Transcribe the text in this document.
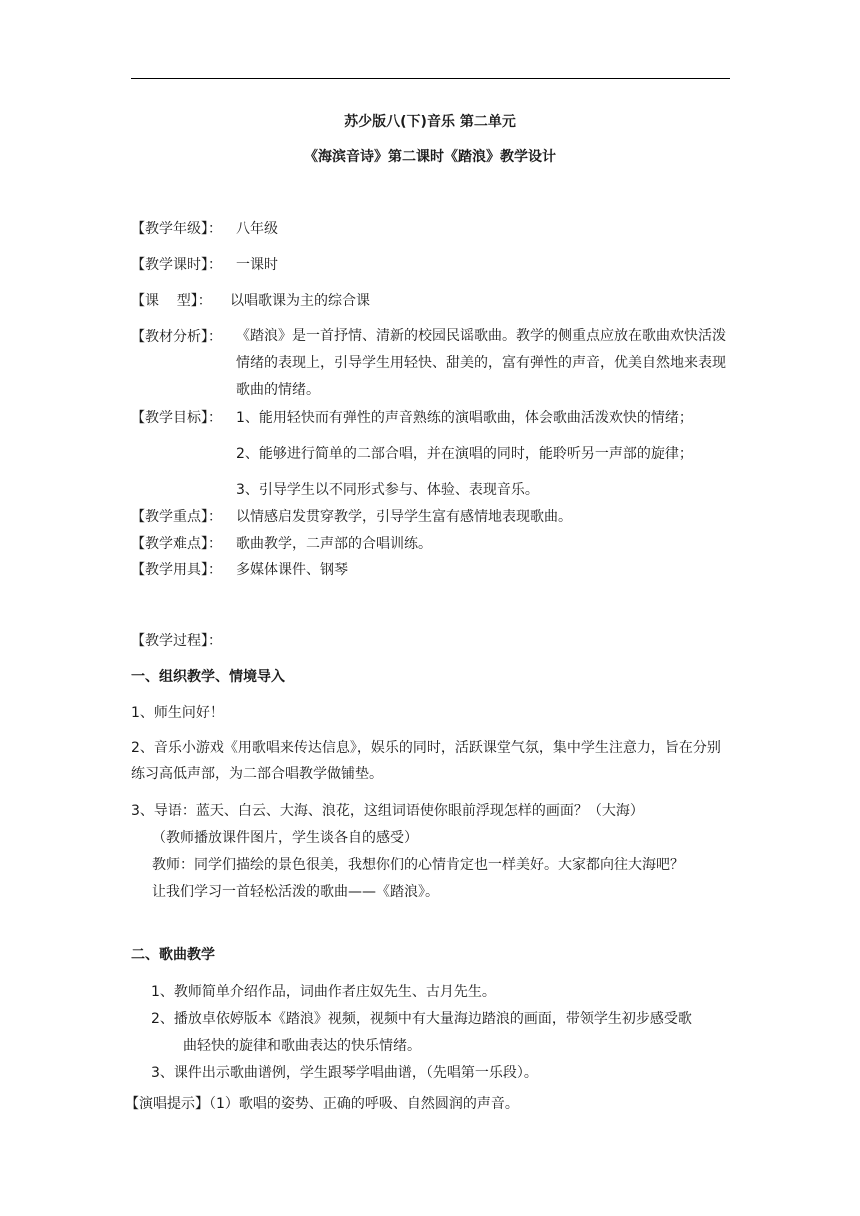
苏少版八(下)音乐 第二单元
《海滨音诗》第二课时《踏浪》教学设计
【教学年级】： 八年级
【教学课时】： 一课时
【课    型】： 以唱歌课为主的综合课
【教材分析】： 《踏浪》是一首抒情、清新的校园民谣歌曲。教学的侧重点应放在歌曲欢快活泼情绪的表现上，引导学生用轻快、甜美的，富有弹性的声音，优美自然地来表现歌曲的情绪。
【教学目标】： 1、能用轻快而有弹性的声音熟练的演唱歌曲，体会歌曲活泼欢快的情绪；
2、能够进行简单的二部合唱，并在演唱的同时，能聆听另一声部的旋律；
3、引导学生以不同形式参与、体验、表现音乐。
【教学重点】： 以情感启发贯穿教学，引导学生富有感情地表现歌曲。
【教学难点】： 歌曲教学，二声部的合唱训练。
【教学用具】： 多媒体课件、钢琴
【教学过程】：
一、组织教学、情境导入
1、师生问好！
2、音乐小游戏《用歌唱来传达信息》，娱乐的同时，活跃课堂气氛，集中学生注意力，旨在分别练习高低声部，为二部合唱教学做铺垫。
3、导语：蓝天、白云、大海、浪花，这组词语使你眼前浮现怎样的画面？（大海）
（教师播放课件图片，学生谈各自的感受）
教师：同学们描绘的景色很美，我想你们的心情肯定也一样美好。大家都向往大海吧？
让我们学习一首轻松活泼的歌曲——《踏浪》。
二、歌曲教学
1、教师简单介绍作品，词曲作者庄奴先生、古月先生。
2、播放卓依婷版本《踏浪》视频，视频中有大量海边踏浪的画面，带领学生初步感受歌
曲轻快的旋律和歌曲表达的快乐情绪。
3、课件出示歌曲谱例，学生跟琴学唱曲谱，（先唱第一乐段）。
【演唱提示】（1）歌唱的姿势、正确的呼吸、自然圆润的声音。
